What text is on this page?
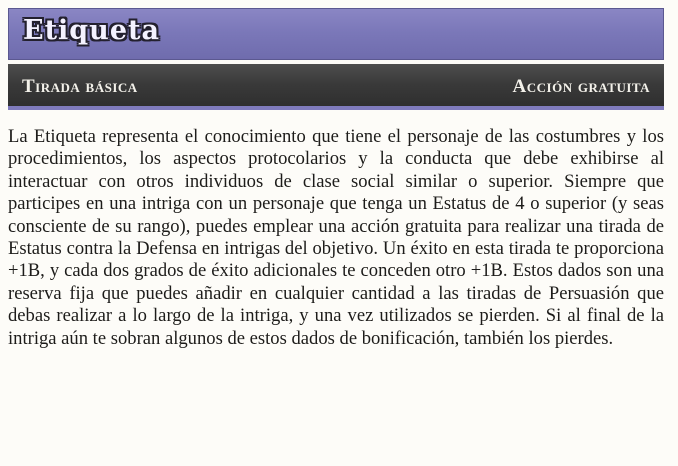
Etiqueta
Tirada básica	Acción gratuita

La Etiqueta representa el conocimiento que tiene el personaje de las costumbres y los procedimientos, los aspectos protocolarios y la conducta que debe exhibirse al interactuar con otros individuos de clase social similar o superior. Siempre que participes en una intriga con un personaje que tenga un Estatus de 4 o superior (y seas consciente de su rango), puedes emplear una acción gratuita para realizar una tirada de Estatus contra la Defensa en intrigas del objetivo. Un éxito en esta tirada te proporciona +1B, y cada dos grados de éxito adicionales te conceden otro +1B. Estos dados son una reserva fija que puedes añadir en cualquier cantidad a las tiradas de Persuasión que debas realizar a lo largo de la intriga, y una vez utilizados se pierden. Si al final de la intriga aún te sobran algunos de estos dados de bonificación, también los pierdes.
